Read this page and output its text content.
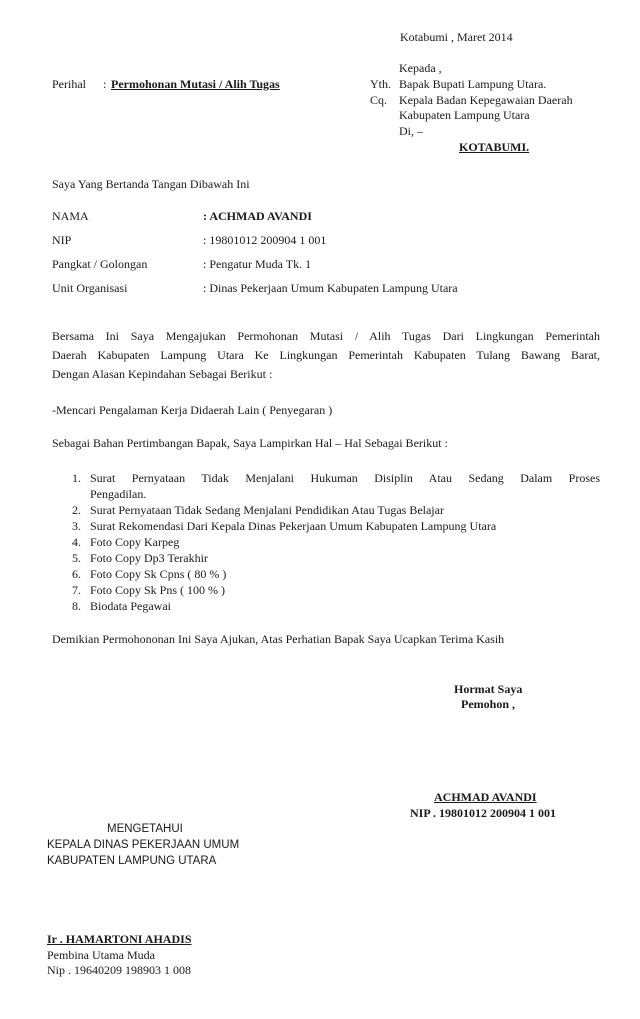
Kotabumi , Maret 2014
Perihal : Permohonan Mutasi / Alih Tugas
Kepada ,
Yth. Bapak Bupati Lampung Utara.
Cq. Kepala Badan Kepegawaian Daerah
Kabupaten Lampung Utara
Di, –
KOTABUMI.
Saya Yang Bertanda Tangan Dibawah Ini
NAMA	: ACHMAD AVANDI
NIP	: 19801012 200904 1 001
Pangkat / Golongan	: Pengatur Muda Tk. 1
Unit Organisasi	: Dinas Pekerjaan Umum Kabupaten Lampung Utara
Bersama Ini Saya Mengajukan Permohonan Mutasi / Alih Tugas Dari Lingkungan Pemerintah
Daerah Kabupaten Lampung Utara Ke Lingkungan Pemerintah Kabupaten Tulang Bawang Barat,
Dengan Alasan Kepindahan Sebagai Berikut :
-Mencari Pengalaman Kerja Didaerah Lain ( Penyegaran )
Sebagai Bahan Pertimbangan Bapak, Saya Lampirkan Hal – Hal Sebagai Berikut :
1. Surat Pernyataan Tidak Menjalani Hukuman Disiplin Atau Sedang Dalam Proses
Pengadilan.
2. Surat Pernyataan Tidak Sedang Menjalani Pendidikan Atau Tugas Belajar
3. Surat Rekomendasi Dari Kepala Dinas Pekerjaan Umum Kabupaten Lampung Utara
4. Foto Copy Karpeg
5. Foto Copy Dp3 Terakhir
6. Foto Copy Sk Cpns ( 80 % )
7. Foto Copy Sk Pns ( 100 % )
8. Biodata Pegawai
Demikian Permohononan Ini Saya Ajukan, Atas Perhatian Bapak Saya Ucapkan Terima Kasih
Hormat Saya
Pemohon ,
ACHMAD AVANDI
NIP . 19801012 200904 1 001
MENGETAHUI
KEPALA DINAS PEKERJAAN UMUM
KABUPATEN LAMPUNG UTARA
Ir . HAMARTONI AHADIS
Pembina Utama Muda
Nip . 19640209 198903 1 008
